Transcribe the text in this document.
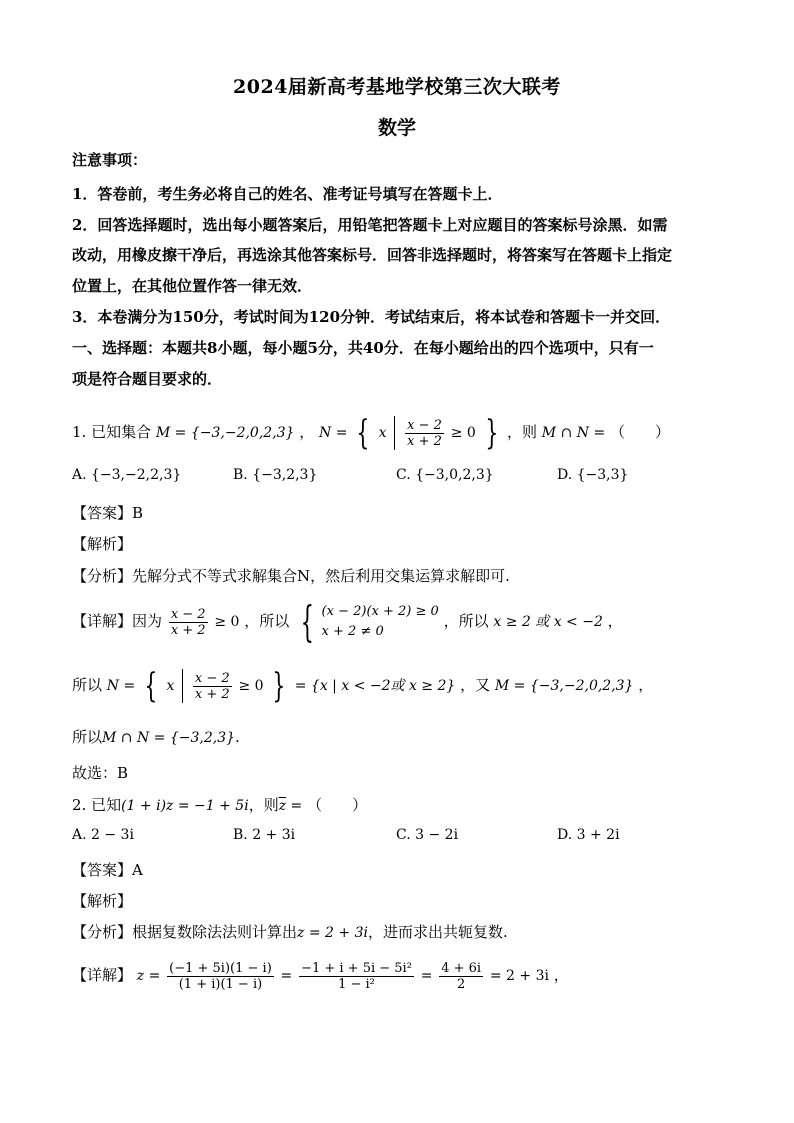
2024届新高考基地学校第三次大联考
数学
注意事项：
1．答卷前，考生务必将自己的姓名、准考证号填写在答题卡上．
2．回答选择题时，选出每小题答案后，用铅笔把答题卡上对应题目的答案标号涂黑．如需
改动，用橡皮擦干净后，再选涂其他答案标号．回答非选择题时，将答案写在答题卡上指定
位置上，在其他位置作答一律无效．
3．本卷满分为150分，考试时间为120分钟．考试结束后，将本试卷和答题卡一并交回．
一、选择题：本题共8小题，每小题5分，共40分．在每小题给出的四个选项中，只有一
项是符合题目要求的．
1. 已知集合 M = {−3,−2,0,2,3} ， N = { x $\frac{x - 2}{x + 2} \ge 0$ } ，则 M ∩ N = （　　）
A. {−3,−2,2,3}	B. {−3,2,3}	C. {−3,0,2,3}	D. {−3,3}
【答案】B
【解析】
【分析】先解分式不等式求解集合N，然后利用交集运算求解即可.
【详解】因为 $\frac{x - 2}{x + 2} \ge 0$ ，所以 { (x − 2)(x + 2) ≥ 0
x + 2 ≠ 0
，所以 x ≥ 2 或 x < −2 ，
所以 N = { x $\frac{x - 2}{x + 2} \ge 0$ } = {x | x < −2或 x ≥ 2} ，又 M = {−3,−2,0,2,3} ，
所以M ∩ N = {−3,2,3}.
故选：B
2. 已知(1 + i)z = −1 + 5i，则$\overline{z}$ = （　　）
A. 2 − 3i	B. 2 + 3i	C. 3 − 2i	D. 3 + 2i
【答案】A
【解析】
【分析】根据复数除法法则计算出z = 2 + 3i，进而求出共轭复数.
【详解】 $z = \frac{(-1 + 5i)(1 - i)}{(1 + i)(1 - i)} = \frac{\text{−1 + i + 5i − 5i²}}{\text{1 − i²}} = \frac{4 + 6i}{2} = 2 + 3i$ ，
